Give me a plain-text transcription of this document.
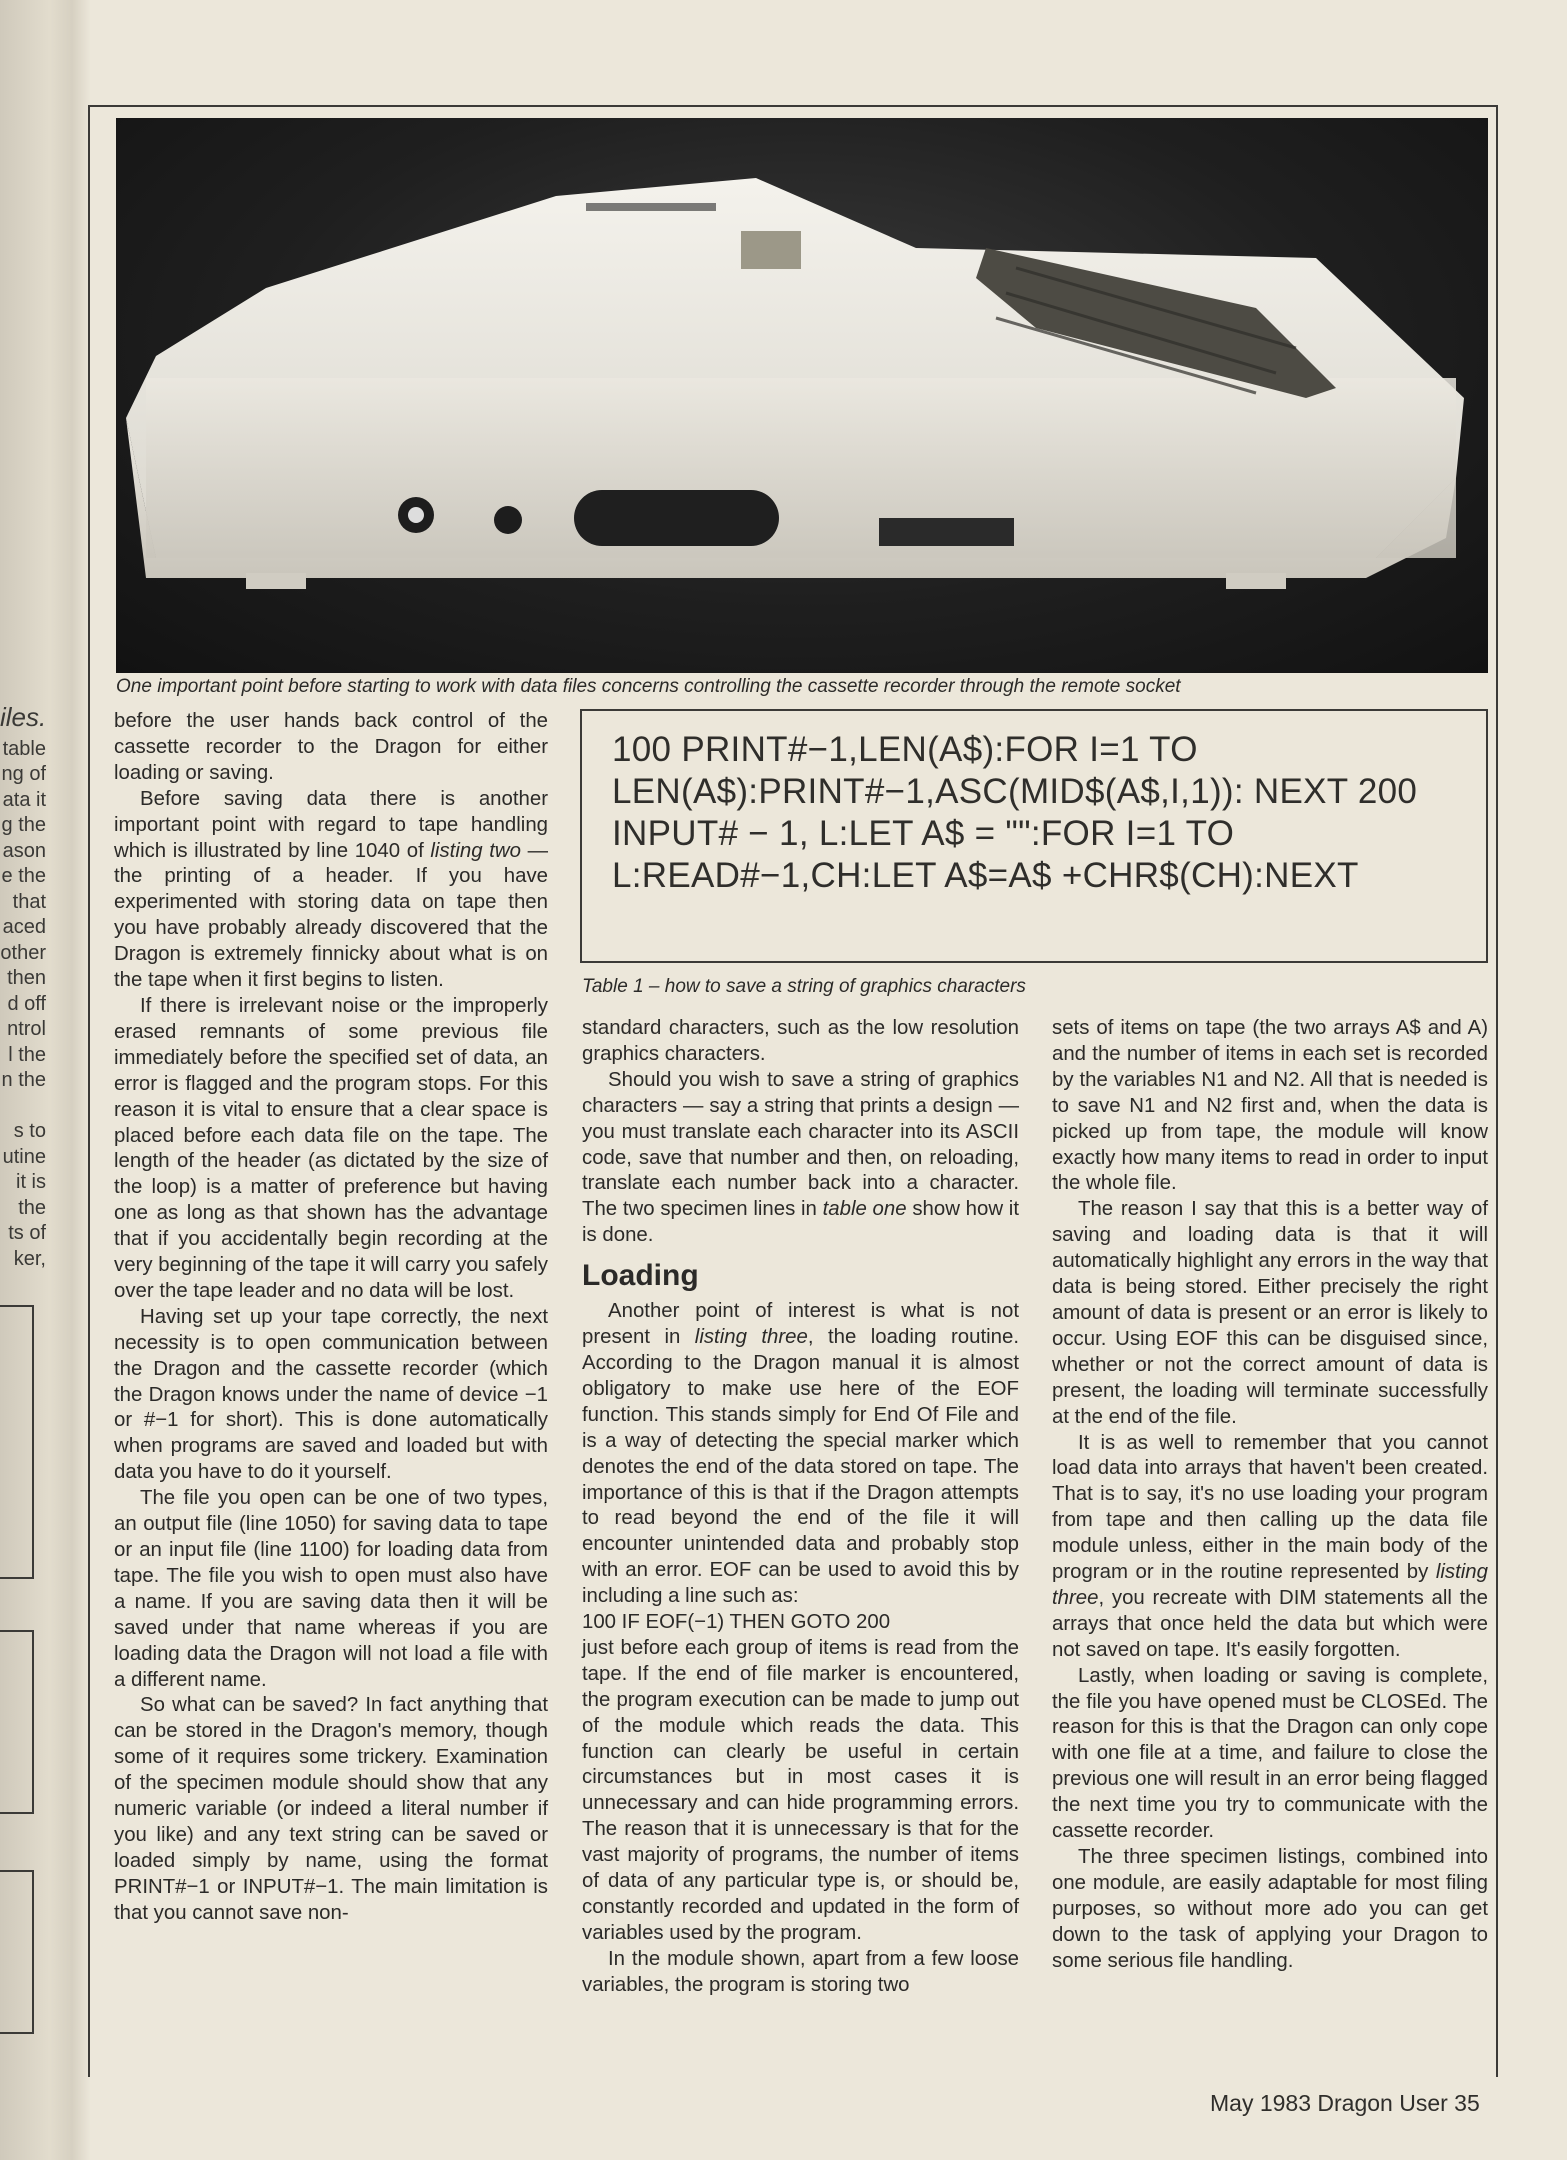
iles.
table
ng of
ata it
g the
ason
e the
that
aced
other
then
d off
ntrol
l the
n the

s to
utine
it is
the
ts of
ker,
One important point before starting to work with data files concerns controlling the cassette recorder through the remote socket

before the user hands back control of the cassette recorder to the Dragon for either loading or saving.

Before saving data there is another important point with regard to tape handling which is illustrated by line 1040 of listing two — the printing of a header. If you have experimented with storing data on tape then you have probably already discovered that the Dragon is extremely finnicky about what is on the tape when it first begins to listen.

If there is irrelevant noise or the improperly erased remnants of some previous file immediately before the specified set of data, an error is flagged and the program stops. For this reason it is vital to ensure that a clear space is placed before each data file on the tape. The length of the header (as dictated by the size of the loop) is a matter of preference but having one as long as that shown has the advantage that if you accidentally begin recording at the very beginning of the tape it will carry you safely over the tape leader and no data will be lost.

Having set up your tape correctly, the next necessity is to open communication between the Dragon and the cassette recorder (which the Dragon knows under the name of device −1 or #−1 for short). This is done automatically when programs are saved and loaded but with data you have to do it yourself.

The file you open can be one of two types, an output file (line 1050) for saving data to tape or an input file (line 1100) for loading data from tape. The file you wish to open must also have a name. If you are saving data then it will be saved under that name whereas if you are loading data the Dragon will not load a file with a different name.

So what can be saved? In fact anything that can be stored in the Dragon's memory, though some of it requires some trickery. Examination of the specimen module should show that any numeric variable (or indeed a literal number if you like) and any text string can be saved or loaded simply by name, using the format PRINT#−1 or INPUT#−1. The main limitation is that you cannot save non-

100 PRINT#−1,LEN(A$):FOR I=1 TO LEN(A$):PRINT#−1,ASC(MID$(A$,I,1)): NEXT 200 INPUT# − 1, L:LET A$ = "":FOR I=1 TO L:READ#−1,CH:LET A$=A$ +CHR$(CH):NEXT
Table 1 – how to save a string of graphics characters

standard characters, such as the low resolution graphics characters.

Should you wish to save a string of graphics characters — say a string that prints a design — you must translate each character into its ASCII code, save that number and then, on reloading, translate each number back into a character. The two specimen lines in table one show how it is done.

Loading

Another point of interest is what is not present in listing three, the loading routine. According to the Dragon manual it is almost obligatory to make use here of the EOF function. This stands simply for End Of File and is a way of detecting the special marker which denotes the end of the data stored on tape. The importance of this is that if the Dragon attempts to read beyond the end of the file it will encounter unintended data and probably stop with an error. EOF can be used to avoid this by including a line such as:

100 IF EOF(−1) THEN GOTO 200

just before each group of items is read from the tape. If the end of file marker is encountered, the program execution can be made to jump out of the module which reads the data. This function can clearly be useful in certain circumstances but in most cases it is unnecessary and can hide programming errors. The reason that it is unnecessary is that for the vast majority of programs, the number of items of data of any particular type is, or should be, constantly recorded and updated in the form of variables used by the program.

In the module shown, apart from a few loose variables, the program is storing two

sets of items on tape (the two arrays A$ and A) and the number of items in each set is recorded by the variables N1 and N2. All that is needed is to save N1 and N2 first and, when the data is picked up from tape, the module will know exactly how many items to read in order to input the whole file.

The reason I say that this is a better way of saving and loading data is that it will automatically highlight any errors in the way that data is being stored. Either precisely the right amount of data is present or an error is likely to occur. Using EOF this can be disguised since, whether or not the correct amount of data is present, the loading will terminate successfully at the end of the file.

It is as well to remember that you cannot load data into arrays that haven't been created. That is to say, it's no use loading your program from tape and then calling up the data file module unless, either in the main body of the program or in the routine represented by listing three, you recreate with DIM statements all the arrays that once held the data but which were not saved on tape. It's easily forgotten.

Lastly, when loading or saving is complete, the file you have opened must be CLOSEd. The reason for this is that the Dragon can only cope with one file at a time, and failure to close the previous one will result in an error being flagged the next time you try to communicate with the cassette recorder.

The three specimen listings, combined into one module, are easily adaptable for most filing purposes, so without more ado you can get down to the task of applying your Dragon to some serious file handling.

May 1983 Dragon User 35
